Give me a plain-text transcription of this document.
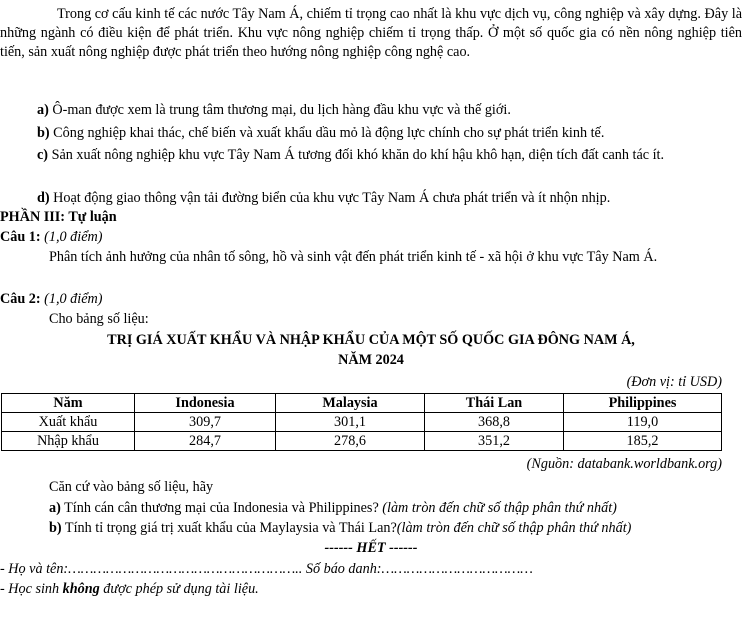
Trong cơ cấu kinh tế các nước Tây Nam Á, chiếm tỉ trọng cao nhất là khu vực dịch vụ, công nghiệp và xây dựng. Đây là những ngành có điều kiện để phát triển. Khu vực nông nghiệp chiếm tỉ trọng thấp. Ở một số quốc gia có nền nông nghiệp tiên tiến, sản xuất nông nghiệp được phát triển theo hướng nông nghiệp công nghệ cao.

a) Ô-man được xem là trung tâm thương mại, du lịch hàng đầu khu vực và thế giới.
b) Công nghiệp khai thác, chế biến và xuất khẩu dầu mỏ là động lực chính cho sự phát triển kinh tế.

c) Sản xuất nông nghiệp khu vực Tây Nam Á tương đối khó khăn do khí hậu khô hạn, diện tích đất canh tác ít.

d) Hoạt động giao thông vận tải đường biển của khu vực Tây Nam Á chưa phát triển và ít nhộn nhịp.
PHẦN III: Tự luận
Câu 1: (1,0 điểm)

Phân tích ảnh hưởng của nhân tố sông, hồ và sinh vật đến phát triển kinh tế - xã hội ở khu vực Tây Nam Á.

Câu 2: (1,0 điểm)
Cho bảng số liệu:
TRỊ GIÁ XUẤT KHẨU VÀ NHẬP KHẨU CỦA MỘT SỐ QUỐC GIA ĐÔNG NAM Á,
NĂM 2024
(Đơn vị: tỉ USD)
Năm	Indonesia	Malaysia	Thái Lan	Philippines
Xuất khẩu	309,7	301,1	368,8	119,0
Nhập khẩu	284,7	278,6	351,2	185,2
(Nguồn: databank.worldbank.org)
Căn cứ vào bảng số liệu, hãy
a) Tính cán cân thương mại của Indonesia và Philippines? (làm tròn đến chữ số thập phân thứ nhất)
b) Tính tỉ trọng giá trị xuất khẩu của Maylaysia và Thái Lan?(làm tròn đến chữ số thập phân thứ nhất)
------ HẾT ------
- Họ và tên:……………………………………………….. Số báo danh:………………………………
- Học sinh không được phép sử dụng tài liệu.
